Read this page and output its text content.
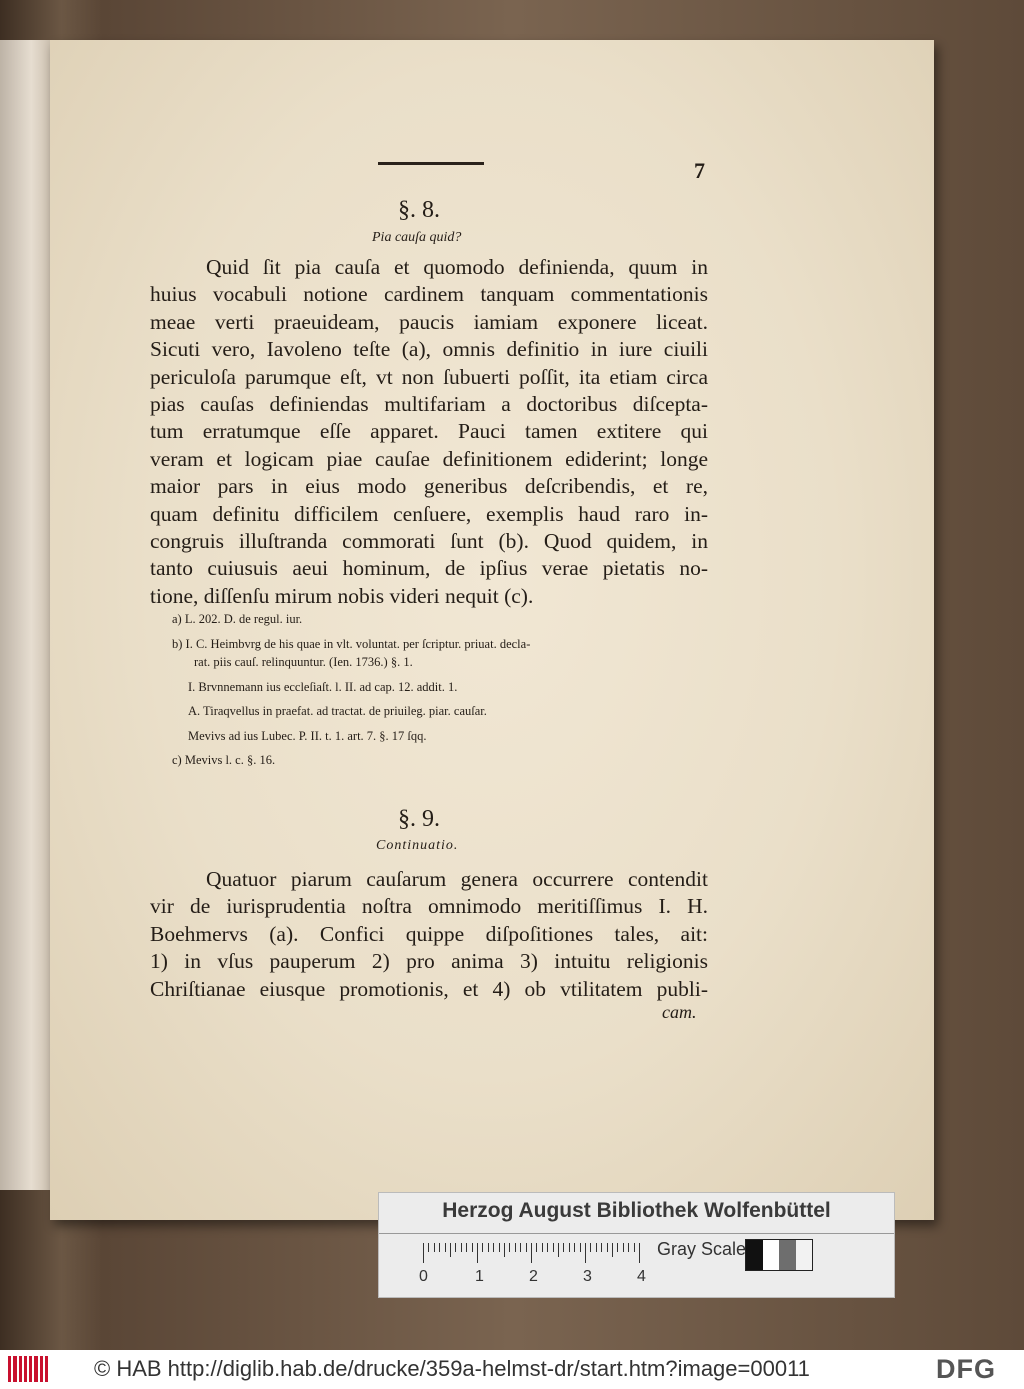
7
§. 8.
Pia cauſa quid?
Quid ſit pia cauſa et quomodo definienda, quum in
huius vocabuli notione cardinem tanquam commentationis
meae verti praeuideam, paucis iamiam exponere liceat.
Sicuti vero, Iavoleno teſte (a), omnis definitio in iure ciuili
periculoſa parumque eſt, vt non ſubuerti poſſit, ita etiam circa
pias cauſas definiendas multifariam a doctoribus diſcepta-
tum erratumque eſſe apparet. Pauci tamen extitere qui
veram et logicam piae cauſae definitionem ediderint; longe
maior pars in eius modo generibus deſcribendis, et re,
quam definitu difficilem cenſuere, exemplis haud raro in-
congruis illuſtranda commorati ſunt (b). Quod quidem, in
tanto cuiusuis aeui hominum, de ipſius verae pietatis no-
tione, diſſenſu mirum nobis videri nequit (c).
a) L. 202. D. de regul. iur.
b) I. C. Heimbvrg de his quae in vlt. voluntat. per ſcriptur. priuat. decla-
rat. piis cauſ. relinquuntur. (Ien. 1736.) §. 1.
I. Brvnnemann ius eccleſiaſt. l. II. ad cap. 12. addit. 1.
A. Tiraqvellus in praefat. ad tractat. de priuileg. piar. cauſar.
Mevivs ad ius Lubec. P. II. t. 1. art. 7. §. 17 ſqq.
c) Mevivs l. c. §. 16.
§. 9.
Continuatio.
Quatuor piarum cauſarum genera occurrere contendit
vir de iurisprudentia noſtra omnimodo meritiſſimus I. H.
Boehmervs (a). Confici quippe diſpoſitiones tales, ait:
1) in vſus pauperum 2) pro anima 3) intuitu religionis
Chriſtianae eiusque promotionis, et 4) ob vtilitatem publi-
cam.
Herzog August Bibliothek Wolfenbüttel
0	1	2	3	4
Gray Scale
© HAB http://diglib.hab.de/drucke/359a-helmst-dr/start.htm?image=00011	DFG
